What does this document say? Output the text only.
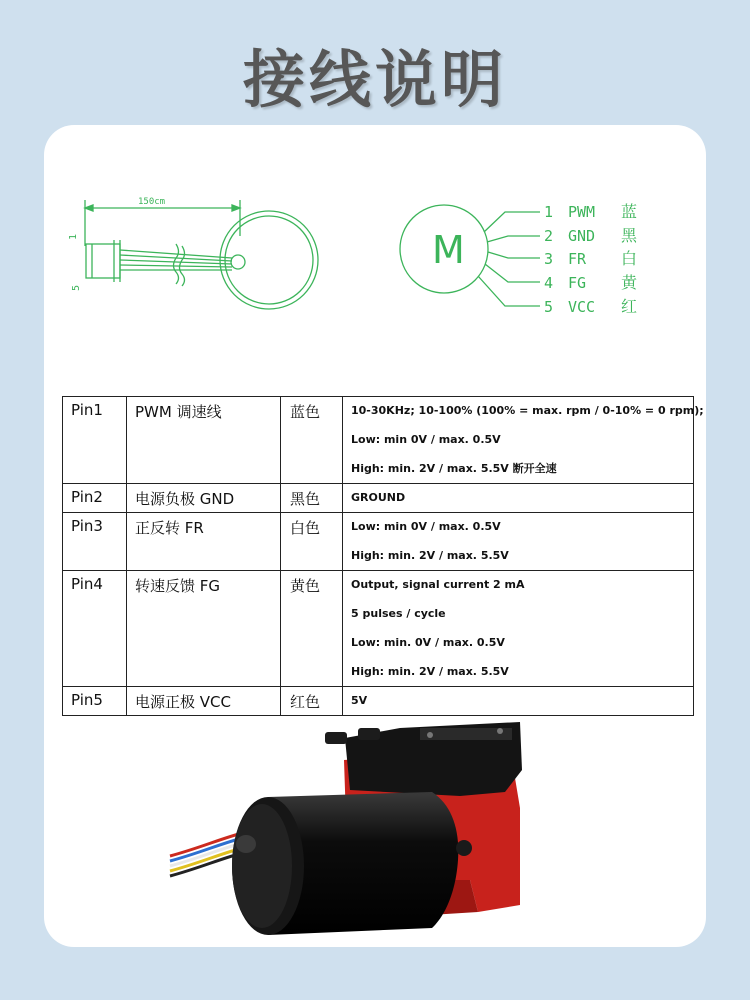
接线说明
150cm
1
5
M
1 PWM 蓝
2 GND 黑
3 FR 白
4 FG 黄
5 VCC 红
Pin1	PWM 调速线	蓝色	10-30KHz; 10-100% (100% = max. rpm / 0-10% = 0 rpm);
Low: min 0V / max. 0.5V
High: min. 2V / max. 5.5V 断开全速

Pin2	电源负极 GND	黑色	GROUND

Pin3	正反转 FR	白色	Low: min 0V / max. 0.5V
High: min. 2V / max. 5.5V

Pin4	转速反馈 FG	黄色	Output, signal current 2 mA
5 pulses / cycle
Low: min. 0V / max. 0.5V
High: min. 2V / max. 5.5V

Pin5	电源正极 VCC	红色	5V
